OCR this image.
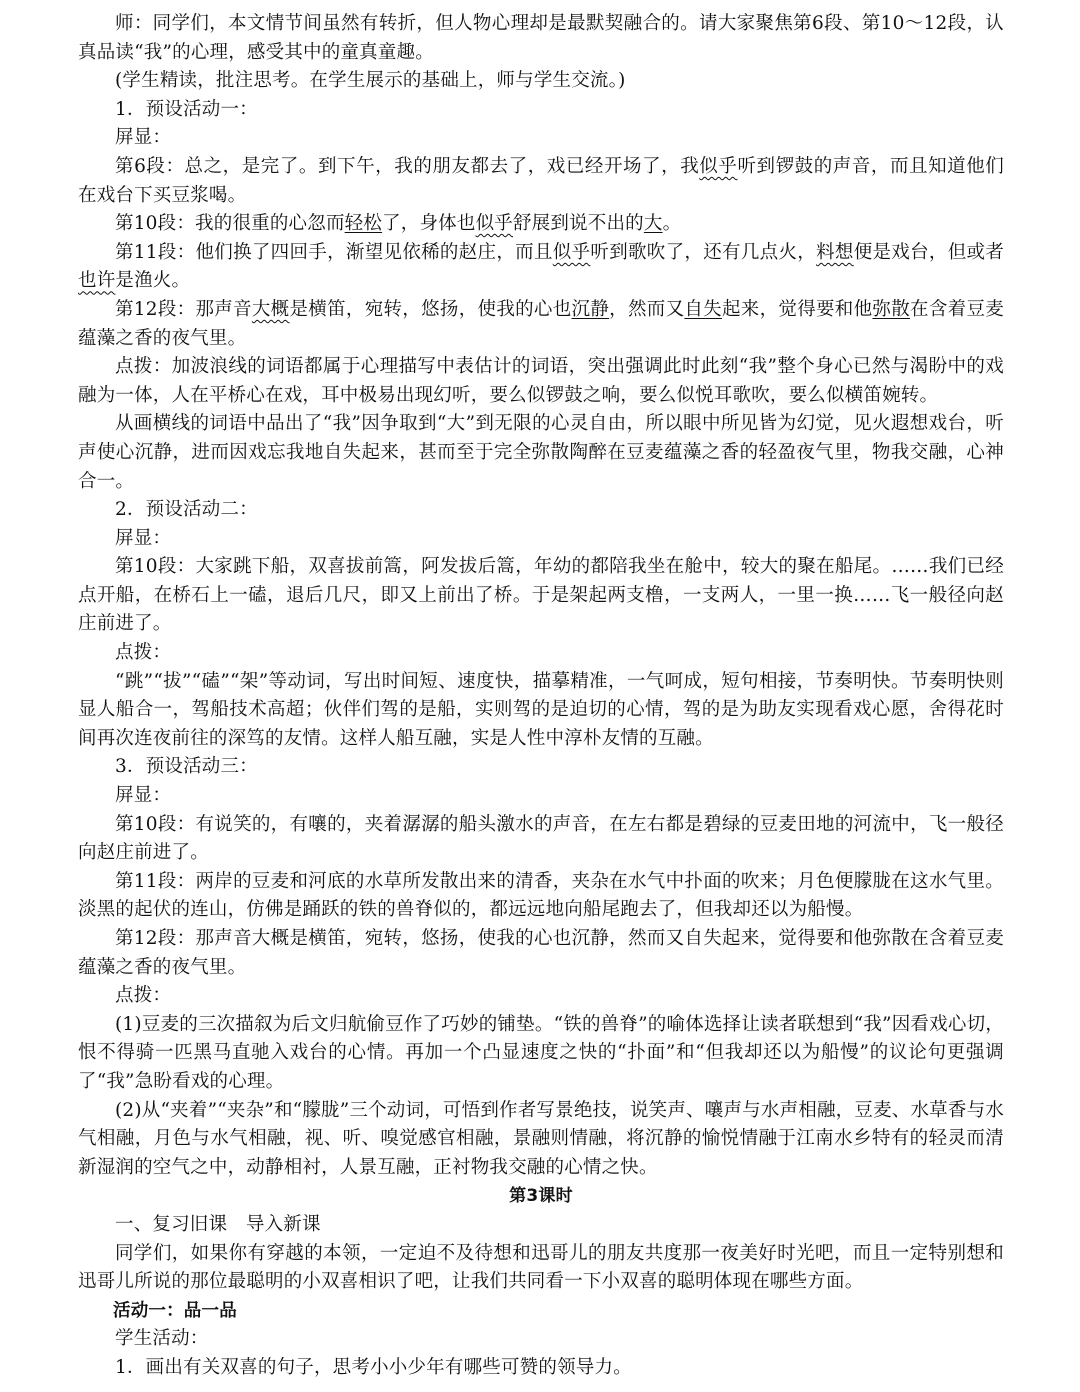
师：同学们，本文情节间虽然有转折，但人物心理却是最默契融合的。请大家聚焦第6段、第10～12段，认真品读“我”的心理，感受其中的童真童趣。

(学生精读，批注思考。在学生展示的基础上，师与学生交流。)

1．预设活动一：

屏显：

第6段：总之，是完了。到下午，我的朋友都去了，戏已经开场了，我似乎听到锣鼓的声音，而且知道他们在戏台下买豆浆喝。

第10段：我的很重的心忽而轻松了，身体也似乎舒展到说不出的大。

第11段：他们换了四回手，渐望见依稀的赵庄，而且似乎听到歌吹了，还有几点火，料想便是戏台，但或者也许是渔火。

第12段：那声音大概是横笛，宛转，悠扬，使我的心也沉静，然而又自失起来，觉得要和他弥散在含着豆麦蕴藻之香的夜气里。

点拨：加波浪线的词语都属于心理描写中表估计的词语，突出强调此时此刻“我”整个身心已然与渴盼中的戏融为一体，人在平桥心在戏，耳中极易出现幻听，要么似锣鼓之响，要么似悦耳歌吹，要么似横笛婉转。

从画横线的词语中品出了“我”因争取到“大”到无限的心灵自由，所以眼中所见皆为幻觉，见火遐想戏台，听声使心沉静，进而因戏忘我地自失起来，甚而至于完全弥散陶醉在豆麦蕴藻之香的轻盈夜气里，物我交融，心神合一。

2．预设活动二：

屏显：

第10段：大家跳下船，双喜拔前篙，阿发拔后篙，年幼的都陪我坐在舱中，较大的聚在船尾。……我们已经点开船，在桥石上一磕，退后几尺，即又上前出了桥。于是架起两支橹，一支两人，一里一换……飞一般径向赵庄前进了。

点拨：

“跳”“拔”“磕”“架”等动词，写出时间短、速度快，描摹精准，一气呵成，短句相接，节奏明快。节奏明快则显人船合一，驾船技术高超；伙伴们驾的是船，实则驾的是迫切的心情，驾的是为助友实现看戏心愿，舍得花时间再次连夜前往的深笃的友情。这样人船互融，实是人性中淳朴友情的互融。

3．预设活动三：

屏显：

第10段：有说笑的，有嚷的，夹着潺潺的船头激水的声音，在左右都是碧绿的豆麦田地的河流中，飞一般径向赵庄前进了。

第11段：两岸的豆麦和河底的水草所发散出来的清香，夹杂在水气中扑面的吹来；月色便朦胧在这水气里。淡黑的起伏的连山，仿佛是踊跃的铁的兽脊似的，都远远地向船尾跑去了，但我却还以为船慢。

第12段：那声音大概是横笛，宛转，悠扬，使我的心也沉静，然而又自失起来，觉得要和他弥散在含着豆麦蕴藻之香的夜气里。

点拨：

(1)豆麦的三次描叙为后文归航偷豆作了巧妙的铺垫。“铁的兽脊”的喻体选择让读者联想到“我”因看戏心切，恨不得骑一匹黑马直驰入戏台的心情。再加一个凸显速度之快的“扑面”和“但我却还以为船慢”的议论句更强调了“我”急盼看戏的心理。

(2)从“夹着”“夹杂”和“朦胧”三个动词，可悟到作者写景绝技，说笑声、嚷声与水声相融，豆麦、水草香与水气相融，月色与水气相融，视、听、嗅觉感官相融，景融则情融，将沉静的愉悦情融于江南水乡特有的轻灵而清新湿润的空气之中，动静相衬，人景互融，正衬物我交融的心情之快。

第3课时

一、复习旧课　导入新课

同学们，如果你有穿越的本领，一定迫不及待想和迅哥儿的朋友共度那一夜美好时光吧，而且一定特别想和迅哥儿所说的那位最聪明的小双喜相识了吧，让我们共同看一下小双喜的聪明体现在哪些方面。

活动一：品一品

学生活动：

1．画出有关双喜的句子，思考小小少年有哪些可赞的领导力。
